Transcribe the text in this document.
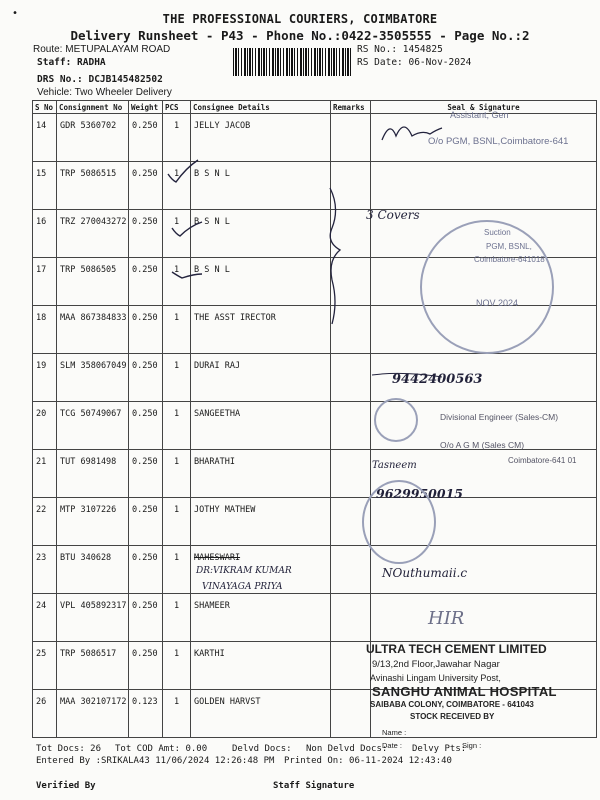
•	THE PROFESSIONAL COURIERS, COIMBATORE
Delivery Runsheet - P43 - Phone No.:0422-3505555 - Page No.:2
Route: METUPALAYAM ROAD
Staff: RADHA
DRS No.: DCJB145482502
Vehicle: Two Wheeler Delivery
RS No.: 1454825
RS Date: 06-Nov-2024
S No	Consignment No	Weight	PCS	Consignee Details	Remarks	Seal & Signature
14	GDR 5360702	0.250	1	JELLY JACOB		
15	TRP 5086515	0.250	1	B S N L		
16	TRZ 270043272	0.250	1	B S N L		
17	TRP 5086505	0.250	1	B S N L		
18	MAA 867384833	0.250	1	THE ASST IRECTOR		
19	SLM 358067049	0.250	1	DURAI RAJ		
20	TCG 50749067	0.250	1	SANGEETHA		
21	TUT 6981498	0.250	1	BHARATHI		
22	MTP 3107226	0.250	1	JOTHY MATHEW		
23	BTU 340628	0.250	1	MAHESWARI		
24	VPL 405892317	0.250	1	SHAMEER		
25	TRP 5086517	0.250	1	KARTHI		
26	MAA 302107172	0.123	1	GOLDEN HARVST		
Assistant, Gen
O/o PGM, BSNL,Coimbatore-641
3 Covers
Suction
PGM, BSNL,
Coimbatore-641018
NOV 2024
9442400563
Divisional Engineer (Sales-CM)
O/o A G M (Sales CM)
Coimbatore-641 01
Tasneem
9629950015
DR:VIKRAM KUMAR
VINAYAGA PRIYA
NOuthumaii.c
HIR
ULTRA TECH CEMENT LIMITED
9/13,2nd Floor,Jawahar Nagar
Avinashi Lingam University Post,
SANGHU ANIMAL HOSPITAL
SAIBABA COLONY, COIMBATORE - 641043
STOCK RECEIVED BY
Name :
Date :	Sign :
Tot Docs: 26 Tot COD Amt: 0.00	Delvd Docs: Non Delvd Docs:	Delvy Pts:
Entered By :SRIKALA43 11/06/2024 12:26:48 PM Printed On: 06-11-2024 12:43:40
Verified By	Staff Signature
